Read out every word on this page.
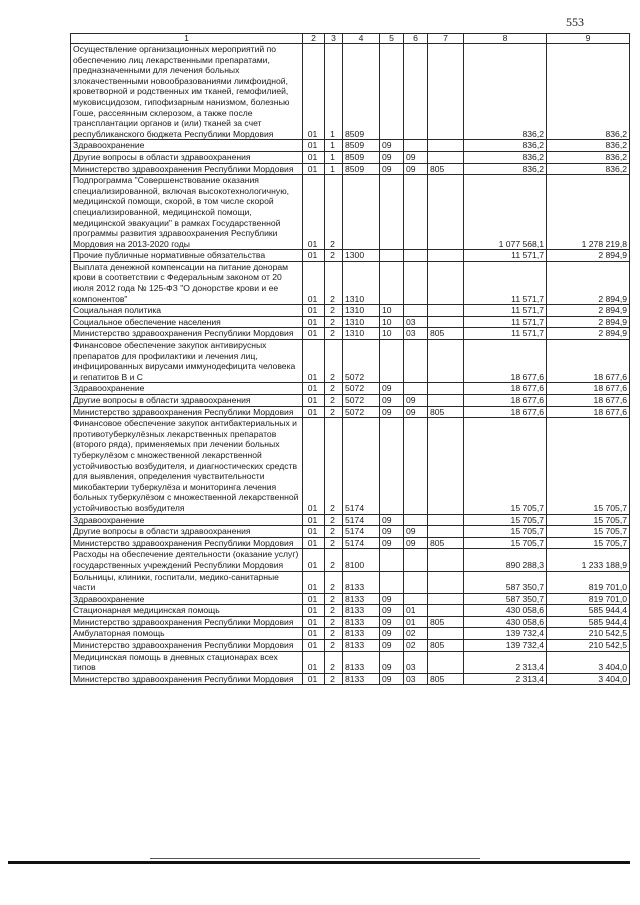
553
1	2	3	4	5	6	7	8	9
Осуществление организационных мероприятий по обеспечению лиц лекарственными препаратами, предназначенными для лечения больных злокачественными новообразованиями лимфоидной, кроветворной и родственных им тканей, гемофилией, муковисцидозом, гипофизарным нанизмом, болезнью Гоше, рассеянным склерозом, а также после трансплантации органов и (или) тканей за счет республиканского бюджета Республики Мордовия	01	1	8509				836,2	836,2
Здравоохранение	01	1	8509	09			836,2	836,2
Другие вопросы в области здравоохранения	01	1	8509	09	09		836,2	836,2
Министерство здравоохранения Республики Мордовия	01	1	8509	09	09	805	836,2	836,2
Подпрограмма "Совершенствование оказания специализированной, включая высокотехнологичную, медицинской помощи, скорой, в том числе скорой специализированной, медицинской помощи, медицинской эвакуации" в рамках Государственной программы развития здравоохранения Республики Мордовия на 2013-2020 годы	01	2					1 077 568,1	1 278 219,8
Прочие публичные нормативные обязательства	01	2	1300				11 571,7	2 894,9
Выплата денежной компенсации на питание донорам крови в соответствии с Федеральным законом от 20 июля 2012 года № 125-ФЗ "О донорстве крови и ее компонентов"	01	2	1310				11 571,7	2 894,9
Социальная политика	01	2	1310	10			11 571,7	2 894,9
Социальное обеспечение населения	01	2	1310	10	03		11 571,7	2 894,9
Министерство здравоохранения Республики Мордовия	01	2	1310	10	03	805	11 571,7	2 894,9
Финансовое обеспечение закупок антивирусных препаратов для профилактики и лечения лиц, инфицированных вирусами иммунодефицита человека и гепатитов В и С	01	2	5072				18 677,6	18 677,6
Здравоохранение	01	2	5072	09			18 677,6	18 677,6
Другие вопросы в области здравоохранения	01	2	5072	09	09		18 677,6	18 677,6
Министерство здравоохранения Республики Мордовия	01	2	5072	09	09	805	18 677,6	18 677,6
Финансовое обеспечение закупок антибактериальных и противотуберкулёзных лекарственных препаратов (второго ряда), применяемых при лечении больных туберкулёзом с множественной лекарственной устойчивостью возбудителя, и диагностических средств для выявления, определения чувствительности микобактерии туберкулёза и мониторинга лечения больных туберкулёзом с множественной лекарственной устойчивостью возбудителя	01	2	5174				15 705,7	15 705,7
Здравоохранение	01	2	5174	09			15 705,7	15 705,7
Другие вопросы в области здравоохранения	01	2	5174	09	09		15 705,7	15 705,7
Министерство здравоохранения Республики Мордовия	01	2	5174	09	09	805	15 705,7	15 705,7
Расходы на обеспечение деятельности (оказание услуг) государственных учреждений Республики Мордовия	01	2	8100				890 288,3	1 233 188,9
Больницы, клиники, госпитали, медико-санитарные части	01	2	8133				587 350,7	819 701,0
Здравоохранение	01	2	8133	09			587 350,7	819 701,0
Стационарная медицинская помощь	01	2	8133	09	01		430 058,6	585 944,4
Министерство здравоохранения Республики Мордовия	01	2	8133	09	01	805	430 058,6	585 944,4
Амбулаторная помощь	01	2	8133	09	02		139 732,4	210 542,5
Министерство здравоохранения Республики Мордовия	01	2	8133	09	02	805	139 732,4	210 542,5
Медицинская помощь в дневных стационарах всех типов	01	2	8133	09	03		2 313,4	3 404,0
Министерство здравоохранения Республики Мордовия	01	2	8133	09	03	805	2 313,4	3 404,0
